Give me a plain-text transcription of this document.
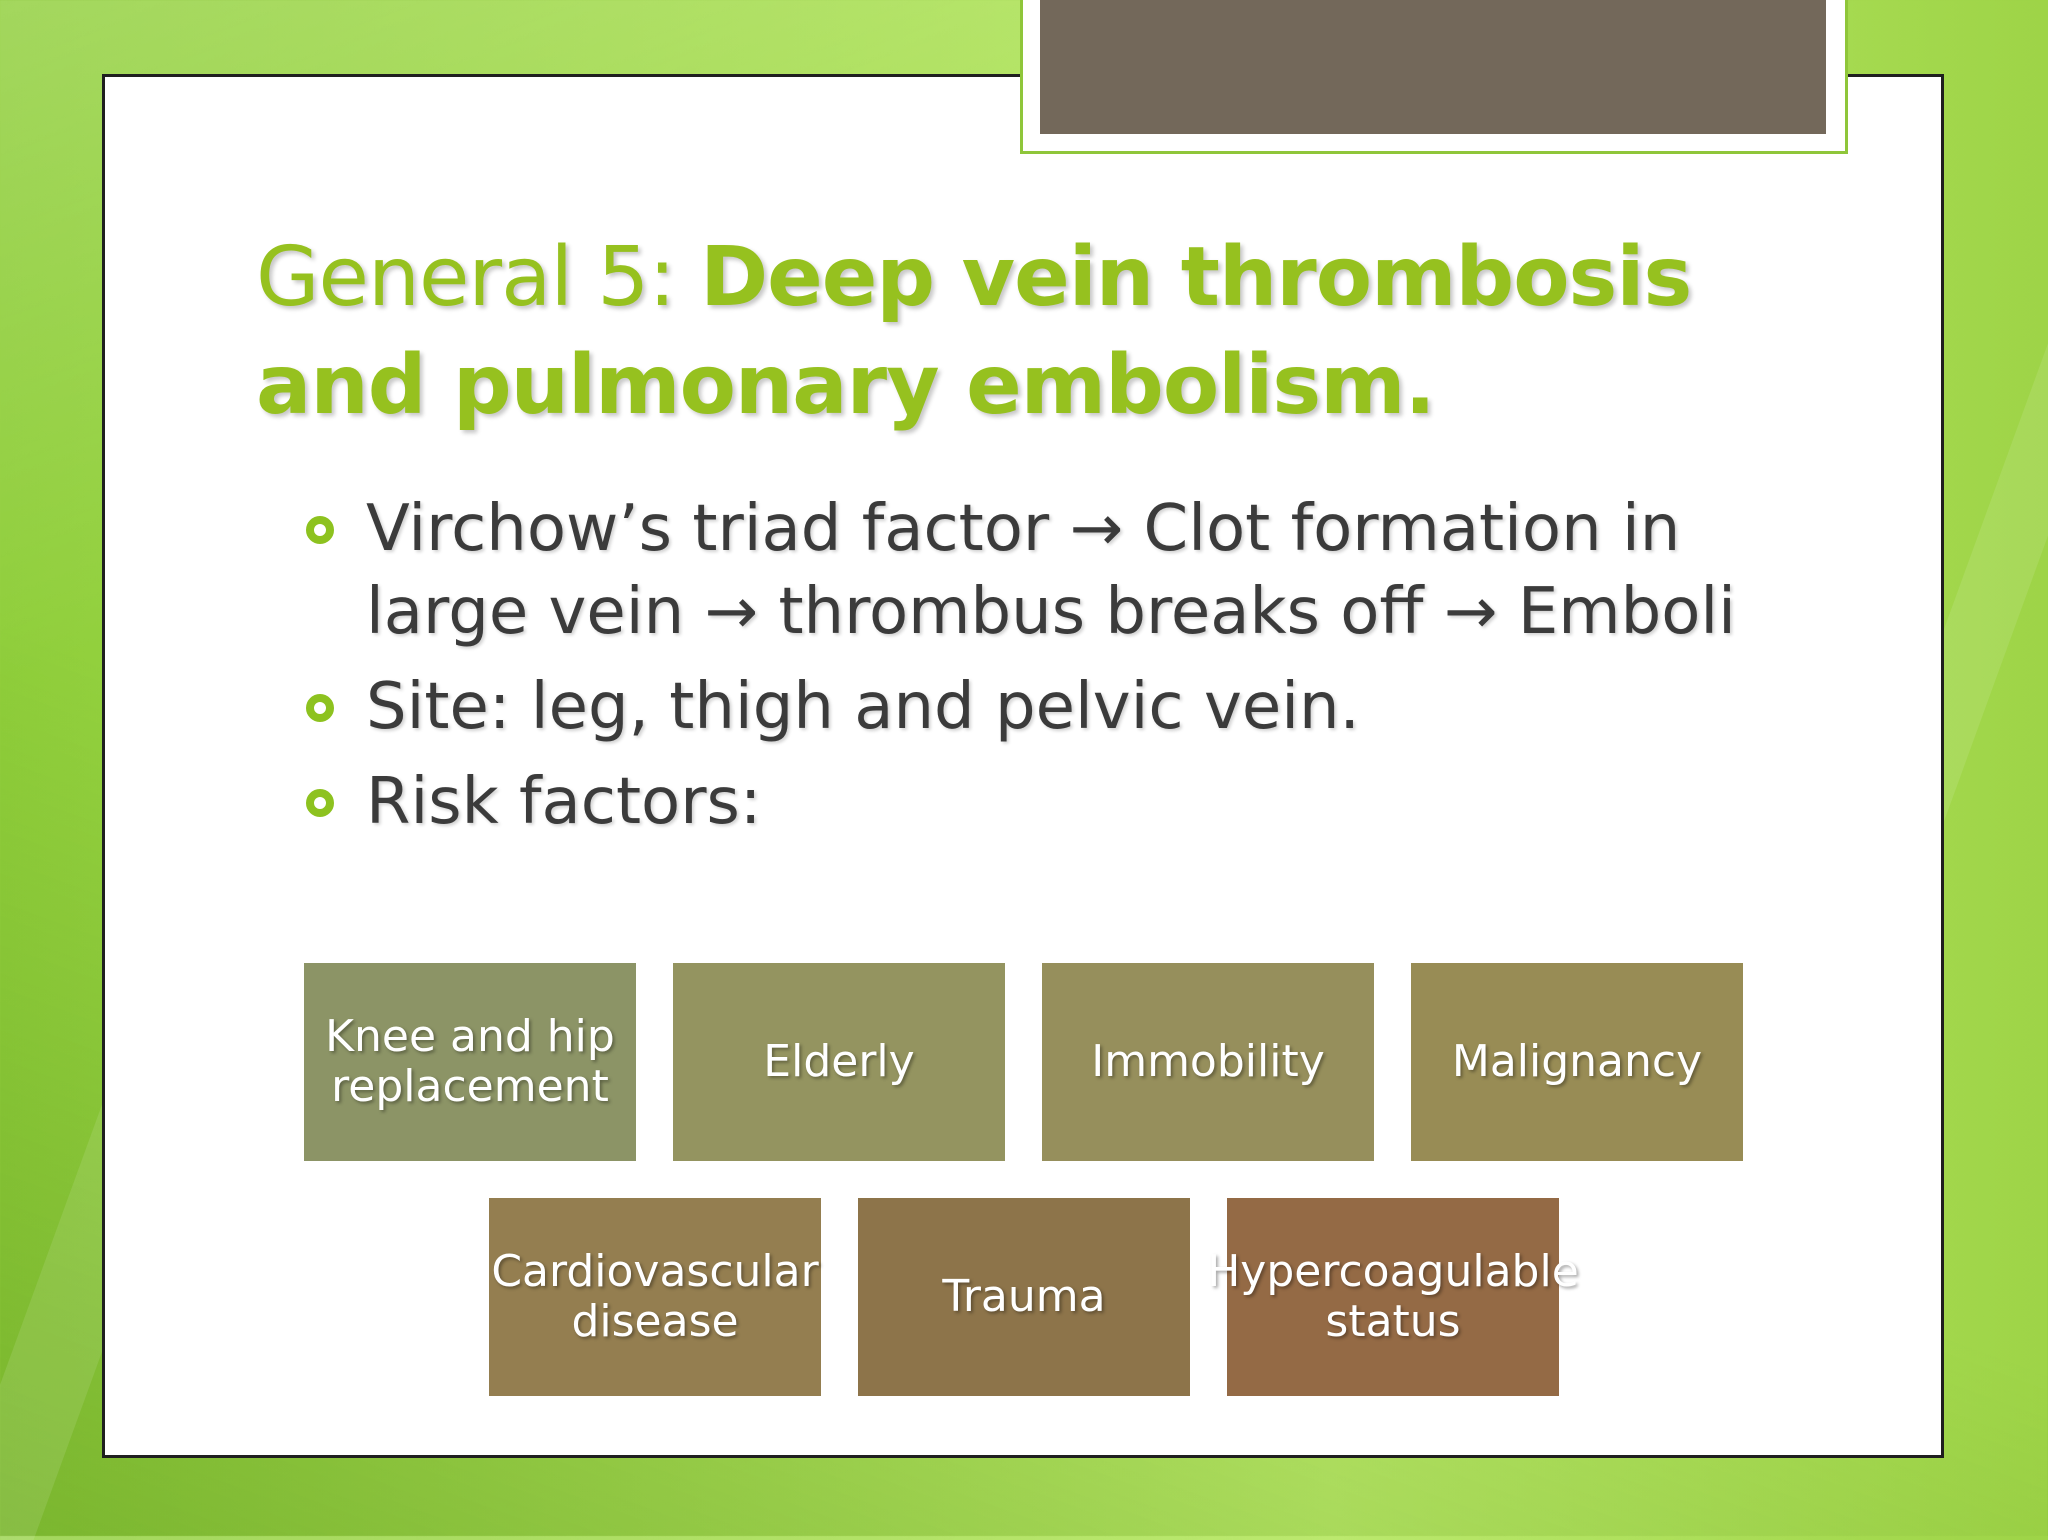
General 5: Deep vein thrombosis and pulmonary embolism.
Virchow’s triad factor → Clot formation in large vein → thrombus breaks off → Emboli
Site: leg, thigh and pelvic vein.
Risk factors:
Knee and hip replacement	Elderly	Immobility	Malignancy
Cardiovascular disease	Trauma Hypercoagulable status
